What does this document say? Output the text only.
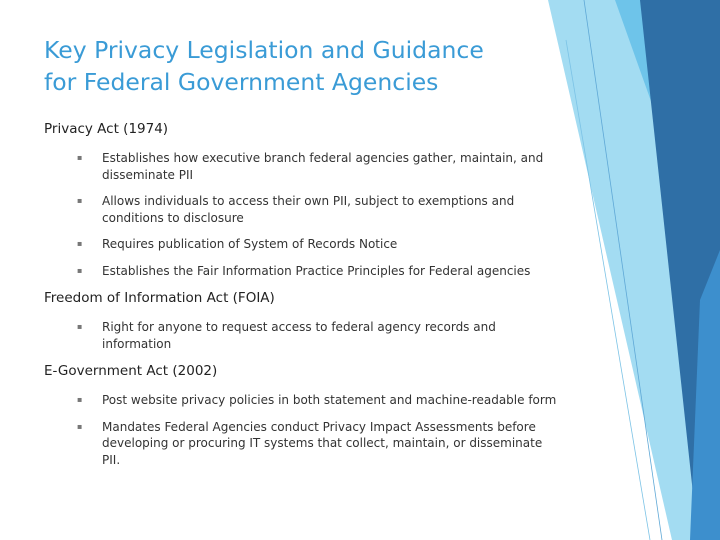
Key Privacy Legislation and Guidance
for Federal Government Agencies
Privacy Act (1974)
▪ Establishes how executive branch federal agencies gather, maintain, and disseminate PII
▪ Allows individuals to access their own PII, subject to exemptions and conditions to disclosure
▪ Requires publication of System of Records Notice
▪ Establishes the Fair Information Practice Principles for Federal agencies
Freedom of Information Act (FOIA)
▪ Right for anyone to request access to federal agency records and information
E-Government Act (2002)
▪ Post website privacy policies in both statement and machine-readable form
▪ Mandates Federal Agencies conduct Privacy Impact Assessments before developing or procuring IT systems that collect, maintain, or disseminate PII.
